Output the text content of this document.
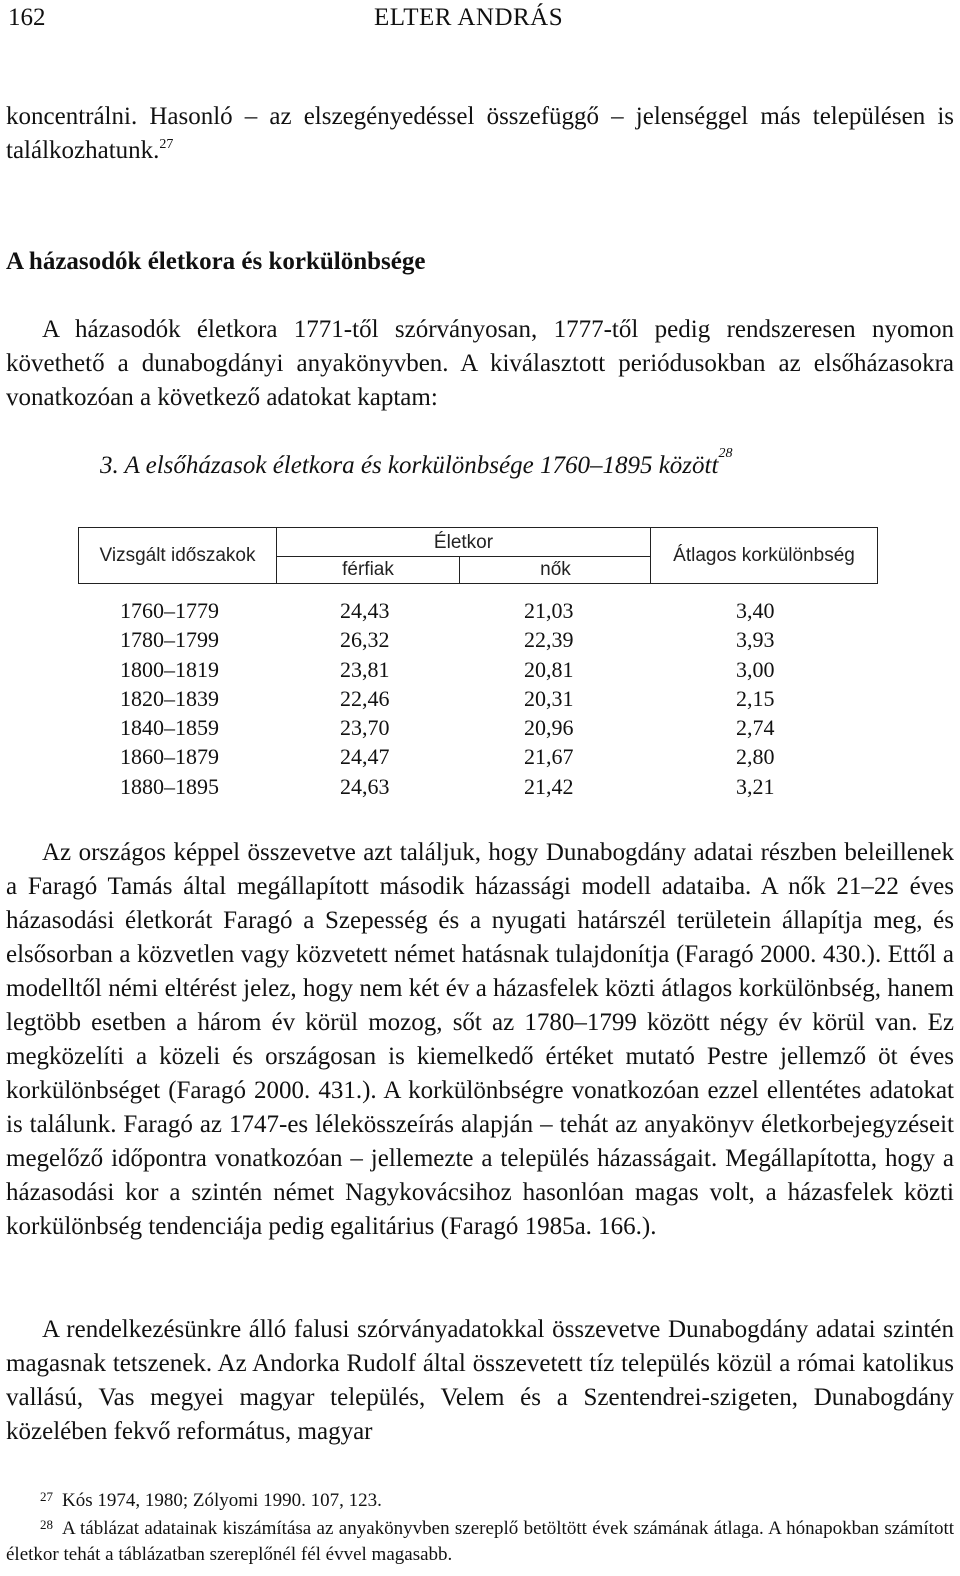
162	ELTER ANDRÁS

koncentrálni. Hasonló – az elszegényedéssel összefüggő – jelenséggel más településen is találkozhatunk.$^{27}$

A házasodók életkora és korkülönbsége

A házasodók életkora 1771-től szórványosan, 1777-től pedig rendszeresen nyomon követhető a dunabogdányi anyakönyvben. A kiválasztott periódusokban az elsőházasokra vonatkozóan a következő adatokat kaptam:

3. A elsőházasok életkora és korkülönbsége 1760–1895 között$^{28}$
Vizsgált időszakok
Életkor
férfiak	nők
Átlagos korkülönbség
1760–1779	24,43	21,03	3,40
1780–1799	26,32	22,39	3,93
1800–1819	23,81	20,81	3,00
1820–1839	22,46	20,31	2,15
1840–1859	23,70	20,96	2,74
1860–1879	24,47	21,67	2,80
1880–1895	24,63	21,42	3,21

Az országos képpel összevetve azt találjuk, hogy Dunabogdány adatai részben beleillenek a Faragó Tamás által megállapított második házassági modell adataiba. A nők 21–22 éves házasodási életkorát Faragó a Szepesség és a nyugati határszél területein állapítja meg, és elsősorban a közvetlen vagy közvetett német hatásnak tulajdonítja (Faragó 2000. 430.). Ettől a modelltől némi eltérést jelez, hogy nem két év a házasfelek közti átlagos korkülönbség, hanem legtöbb esetben a három év körül mozog, sőt az 1780–1799 között négy év körül van. Ez megközelíti a közeli és országosan is kiemelkedő értéket mutató Pestre jellemző öt éves korkülönbséget (Faragó 2000. 431.). A korkülönbségre vonatkozóan ezzel ellentétes adatokat is találunk. Faragó az 1747-es lélekösszeírás alapján – tehát az anyakönyv életkorbejegyzéseit megelőző időpontra vonatkozóan – jellemezte a település házasságait. Megállapította, hogy a házasodási kor a szintén német Nagykovácsihoz hasonlóan magas volt, a házasfelek közti korkülönbség tendenciája pedig egalitárius (Faragó 1985a. 166.).

A rendelkezésünkre álló falusi szórványadatokkal összevetve Dunabogdány adatai szintén magasnak tetszenek. Az Andorka Rudolf által összevetett tíz település közül a római katolikus vallású, Vas megyei magyar település, Velem és a Szentendrei-szigeten, Dunabogdány közelében fekvő református, magyar

27 Kós 1974, 1980; Zólyomi 1990. 107, 123.
28 A táblázat adatainak kiszámítása az anyakönyvben szereplő betöltött évek számának átlaga. A hónapokban számított életkor tehát a táblázatban szereplőnél fél évvel magasabb.
